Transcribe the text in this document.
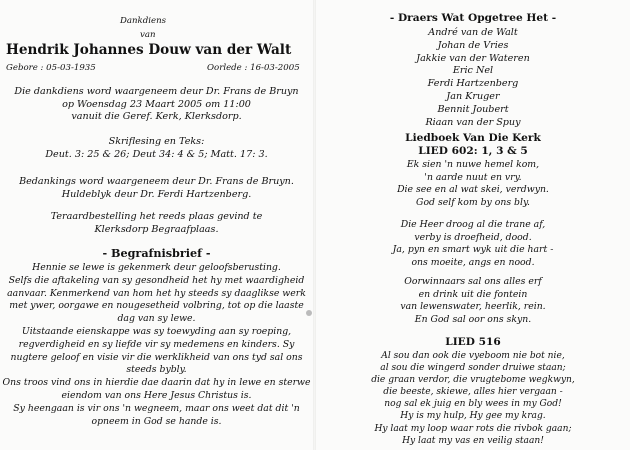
Dankdiens
van
Hendrik Johannes Douw van der Walt
Gebore : 05-03-1935	Oorlede : 16-03-2005
Die dankdiens word waargeneem deur Dr. Frans de Bruyn
op Woensdag 23 Maart 2005 om 11:00
vanuit die Geref. Kerk, Klerksdorp.
Skriflesing en Teks:
Deut. 3: 25 & 26; Deut 34: 4 & 5; Matt. 17: 3.
Bedankings word waargeneem deur Dr. Frans de Bruyn.
Huldeblyk deur Dr. Ferdi Hartzenberg.
Teraardbestelling het reeds plaas gevind te
Klerksdorp Begraafplaas.
- Begrafnisbrief -
Hennie se lewe is gekenmerk deur geloofsberusting.
Selfs die aftakeling van sy gesondheid het hy met waardigheid
aanvaar. Kenmerkend van hom het hy steeds sy daaglikse werk
met ywer, oorgawe en nougesetheid volbring, tot op die laaste
dag van sy lewe.
Uitstaande eienskappe was sy toewyding aan sy roeping,
regverdigheid en sy liefde vir sy medemens en kinders. Sy
nugtere geloof en visie vir die werklikheid van ons tyd sal ons
steeds bybly.
Ons troos vind ons in hierdie dae daarin dat hy in lewe en sterwe
eiendom van ons Here Jesus Christus is.
Sy heengaan is vir ons 'n wegneem, maar ons weet dat dit 'n
opneem in God se hande is.
- Draers Wat Opgetree Het -
André van de Walt
Johan de Vries
Jakkie van der Wateren
Eric Nel
Ferdi Hartzenberg
Jan Kruger
Bennit Joubert
Riaan van der Spuy
Liedboek Van Die Kerk
LIED 602: 1, 3 & 5
Ek sien 'n nuwe hemel kom,
'n aarde nuut en vry.
Die see en al wat skei, verdwyn.
God self kom by ons bly.
Die Heer droog al die trane af,
verby is droefheid, dood.
Ja, pyn en smart wyk uit die hart -
ons moeite, angs en nood.
Oorwinnaars sal ons alles erf
en drink uit die fontein
van lewenswater, heerlik, rein.
En God sal oor ons skyn.
LIED 516
Al sou dan ook die vyeboom nie bot nie,
al sou die wingerd sonder druiwe staan;
die graan verdor, die vrugtebome wegkwyn,
die beeste, skiewe, alles hier vergaan -
nog sal ek juig en bly wees in my God!
Hy is my hulp, Hy gee my krag.
Hy laat my loop waar rots die rivbok gaan;
Hy laat my vas en veilig staan!
